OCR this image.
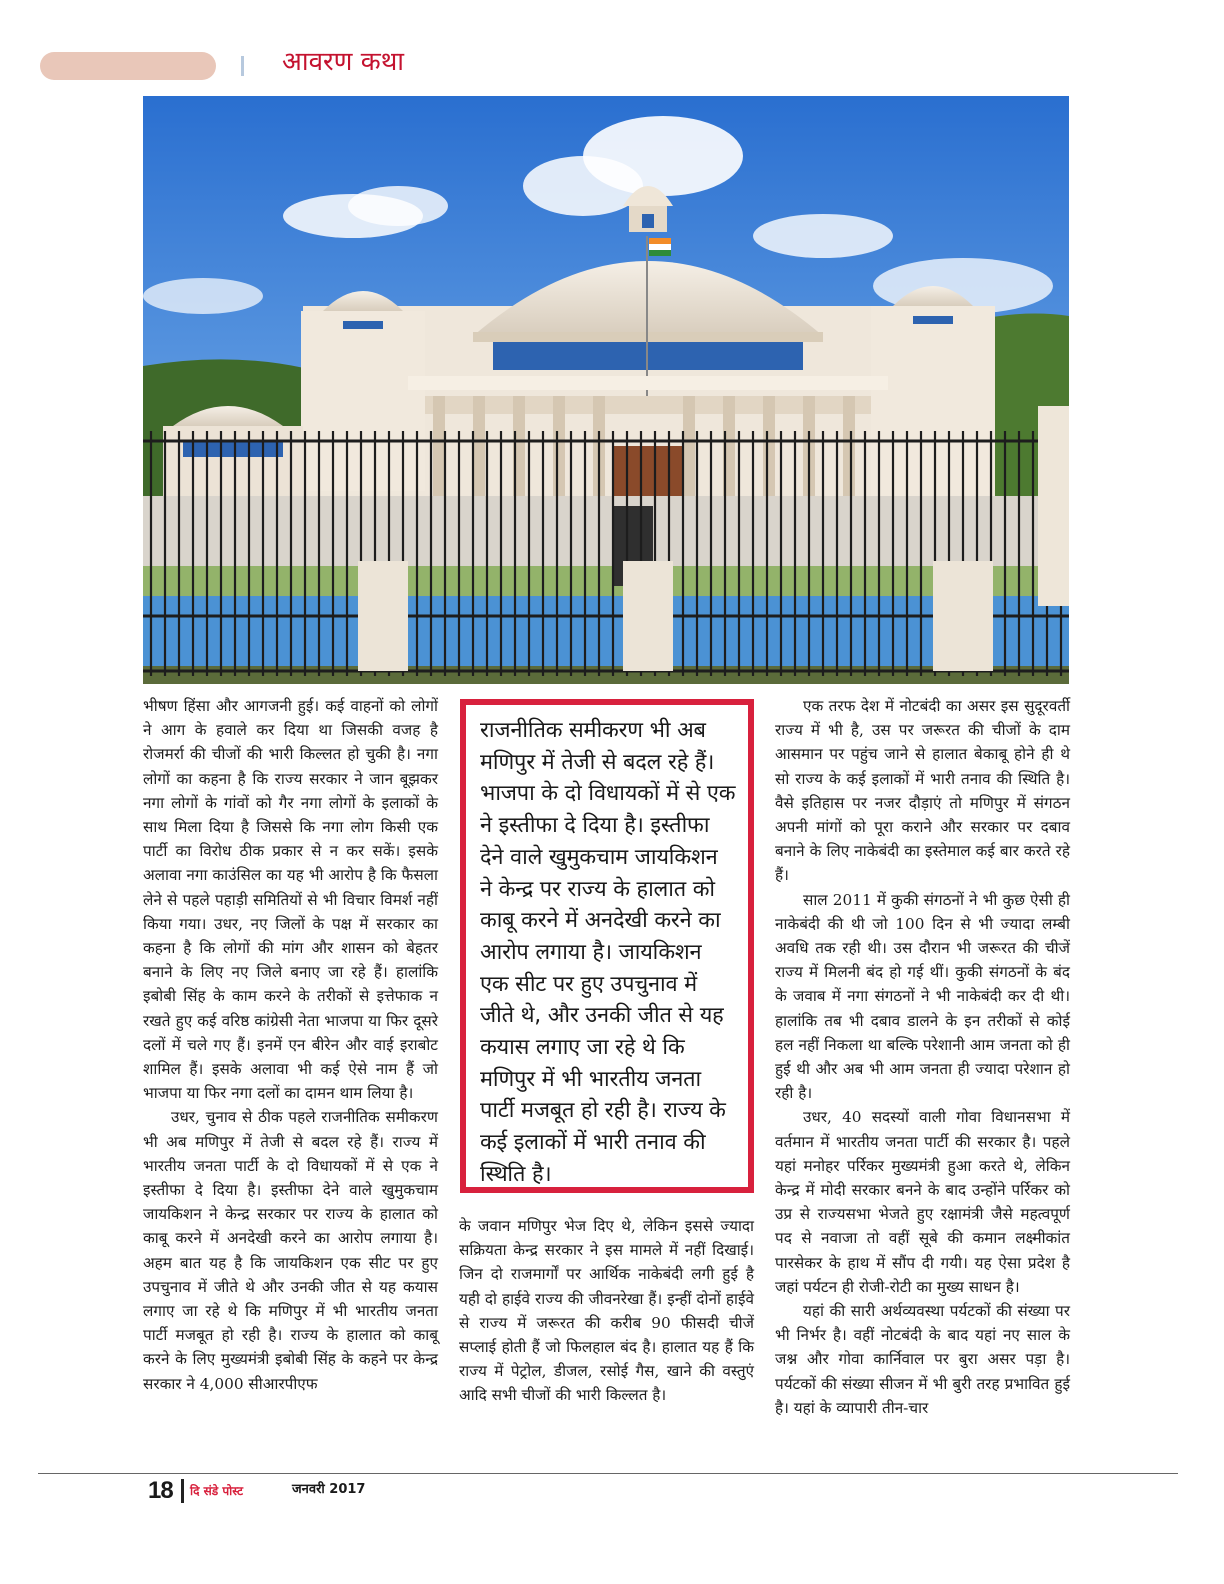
आवरण कथा

भीषण हिंसा और आगजनी हुई। कई वाहनों को लोगों ने आग के हवाले कर दिया था जिसकी वजह है रोजमर्रा की चीजों की भारी किल्लत हो चुकी है। नगा लोगों का कहना है कि राज्य सरकार ने जान बूझकर नगा लोगों के गांवों को गैर नगा लोगों के इलाकों के साथ मिला दिया है जिससे कि नगा लोग किसी एक पार्टी का विरोध ठीक प्रकार से न कर सकें। इसके अलावा नगा काउंसिल का यह भी आरोप है कि फैसला लेने से पहले पहाड़ी समितियों से भी विचार विमर्श नहीं किया गया। उधर, नए जिलों के पक्ष में सरकार का कहना है कि लोगों की मांग और शासन को बेहतर बनाने के लिए नए जिले बनाए जा रहे हैं। हालांकि इबोबी सिंह के काम करने के तरीकों से इत्तेफाक न रखते हुए कई वरिष्ठ कांग्रेसी नेता भाजपा या फिर दूसरे दलों में चले गए हैं। इनमें एन बीरेन और वाई इराबोट शामिल हैं। इसके अलावा भी कई ऐसे नाम हैं जो भाजपा या फिर नगा दलों का दामन थाम लिया है।

उधर, चुनाव से ठीक पहले राजनीतिक समीकरण भी अब मणिपुर में तेजी से बदल रहे हैं। राज्य में भारतीय जनता पार्टी के दो विधायकों में से एक ने इस्तीफा दे दिया है। इस्तीफा देने वाले खुमुकचाम जायकिशन ने केन्द्र सरकार पर राज्य के हालात को काबू करने में अनदेखी करने का आरोप लगाया है। अहम बात यह है कि जायकिशन एक सीट पर हुए उपचुनाव में जीते थे और उनकी जीत से यह कयास लगाए जा रहे थे कि मणिपुर में भी भारतीय जनता पार्टी मजबूत हो रही है। राज्य के हालात को काबू करने के लिए मुख्यमंत्री इबोबी सिंह के कहने पर केन्द्र सरकार ने 4,000 सीआरपीएफ

राजनीतिक समीकरण भी अब मणिपुर में तेजी से बदल रहे हैं। भाजपा के दो विधायकों में से एक ने इस्तीफा दे दिया है। इस्तीफा देने वाले खुमुकचाम जायकिशन ने केन्द्र पर राज्य के हालात को काबू करने में अनदेखी करने का आरोप लगाया है। जायकिशन एक सीट पर हुए उपचुनाव में जीते थे, और उनकी जीत से यह कयास लगाए जा रहे थे कि मणिपुर में भी भारतीय जनता पार्टी मजबूत हो रही है। राज्य के कई इलाकों में भारी तनाव की स्थिति है।

के जवान मणिपुर भेज दिए थे, लेकिन इससे ज्यादा सक्रियता केन्द्र सरकार ने इस मामले में नहीं दिखाई। जिन दो राजमार्गों पर आर्थिक नाकेबंदी लगी हुई है यही दो हाईवे राज्य की जीवनरेखा हैं। इन्हीं दोनों हाईवे से राज्य में जरूरत की करीब 90 फीसदी चीजें सप्लाई होती हैं जो फिलहाल बंद है। हालात यह हैं कि राज्य में पेट्रोल, डीजल, रसोई गैस, खाने की वस्तुएं आदि सभी चीजों की भारी किल्लत है।

एक तरफ देश में नोटबंदी का असर इस सुदूरवर्ती राज्य में भी है, उस पर जरूरत की चीजों के दाम आसमान पर पहुंच जाने से हालात बेकाबू होने ही थे सो राज्य के कई इलाकों में भारी तनाव की स्थिति है। वैसे इतिहास पर नजर दौड़ाएं तो मणिपुर में संगठन अपनी मांगों को पूरा कराने और सरकार पर दबाव बनाने के लिए नाकेबंदी का इस्तेमाल कई बार करते रहे हैं।

साल 2011 में कुकी संगठनों ने भी कुछ ऐसी ही नाकेबंदी की थी जो 100 दिन से भी ज्यादा लम्बी अवधि तक रही थी। उस दौरान भी जरूरत की चीजें राज्य में मिलनी बंद हो गई थीं। कुकी संगठनों के बंद के जवाब में नगा संगठनों ने भी नाकेबंदी कर दी थी। हालांकि तब भी दबाव डालने के इन तरीकों से कोई हल नहीं निकला था बल्कि परेशानी आम जनता को ही हुई थी और अब भी आम जनता ही ज्यादा परेशान हो रही है।

उधर, 40 सदस्यों वाली गोवा विधानसभा में वर्तमान में भारतीय जनता पार्टी की सरकार है। पहले यहां मनोहर पर्रिकर मुख्यमंत्री हुआ करते थे, लेकिन केन्द्र में मोदी सरकार बनने के बाद उन्होंने पर्रिकर को उप्र से राज्यसभा भेजते हुए रक्षामंत्री जैसे महत्वपूर्ण पद से नवाजा तो वहीं सूबे की कमान लक्ष्मीकांत पारसेकर के हाथ में सौंप दी गयी। यह ऐसा प्रदेश है जहां पर्यटन ही रोजी-रोटी का मुख्य साधन है।

यहां की सारी अर्थव्यवस्था पर्यटकों की संख्या पर भी निर्भर है। वहीं नोटबंदी के बाद यहां नए साल के जश्न और गोवा कार्निवाल पर बुरा असर पड़ा है। पर्यटकों की संख्या सीजन में भी बुरी तरह प्रभावित हुई है। यहां के व्यापारी तीन-चार

18 दि संडे पोस्ट	जनवरी 2017
